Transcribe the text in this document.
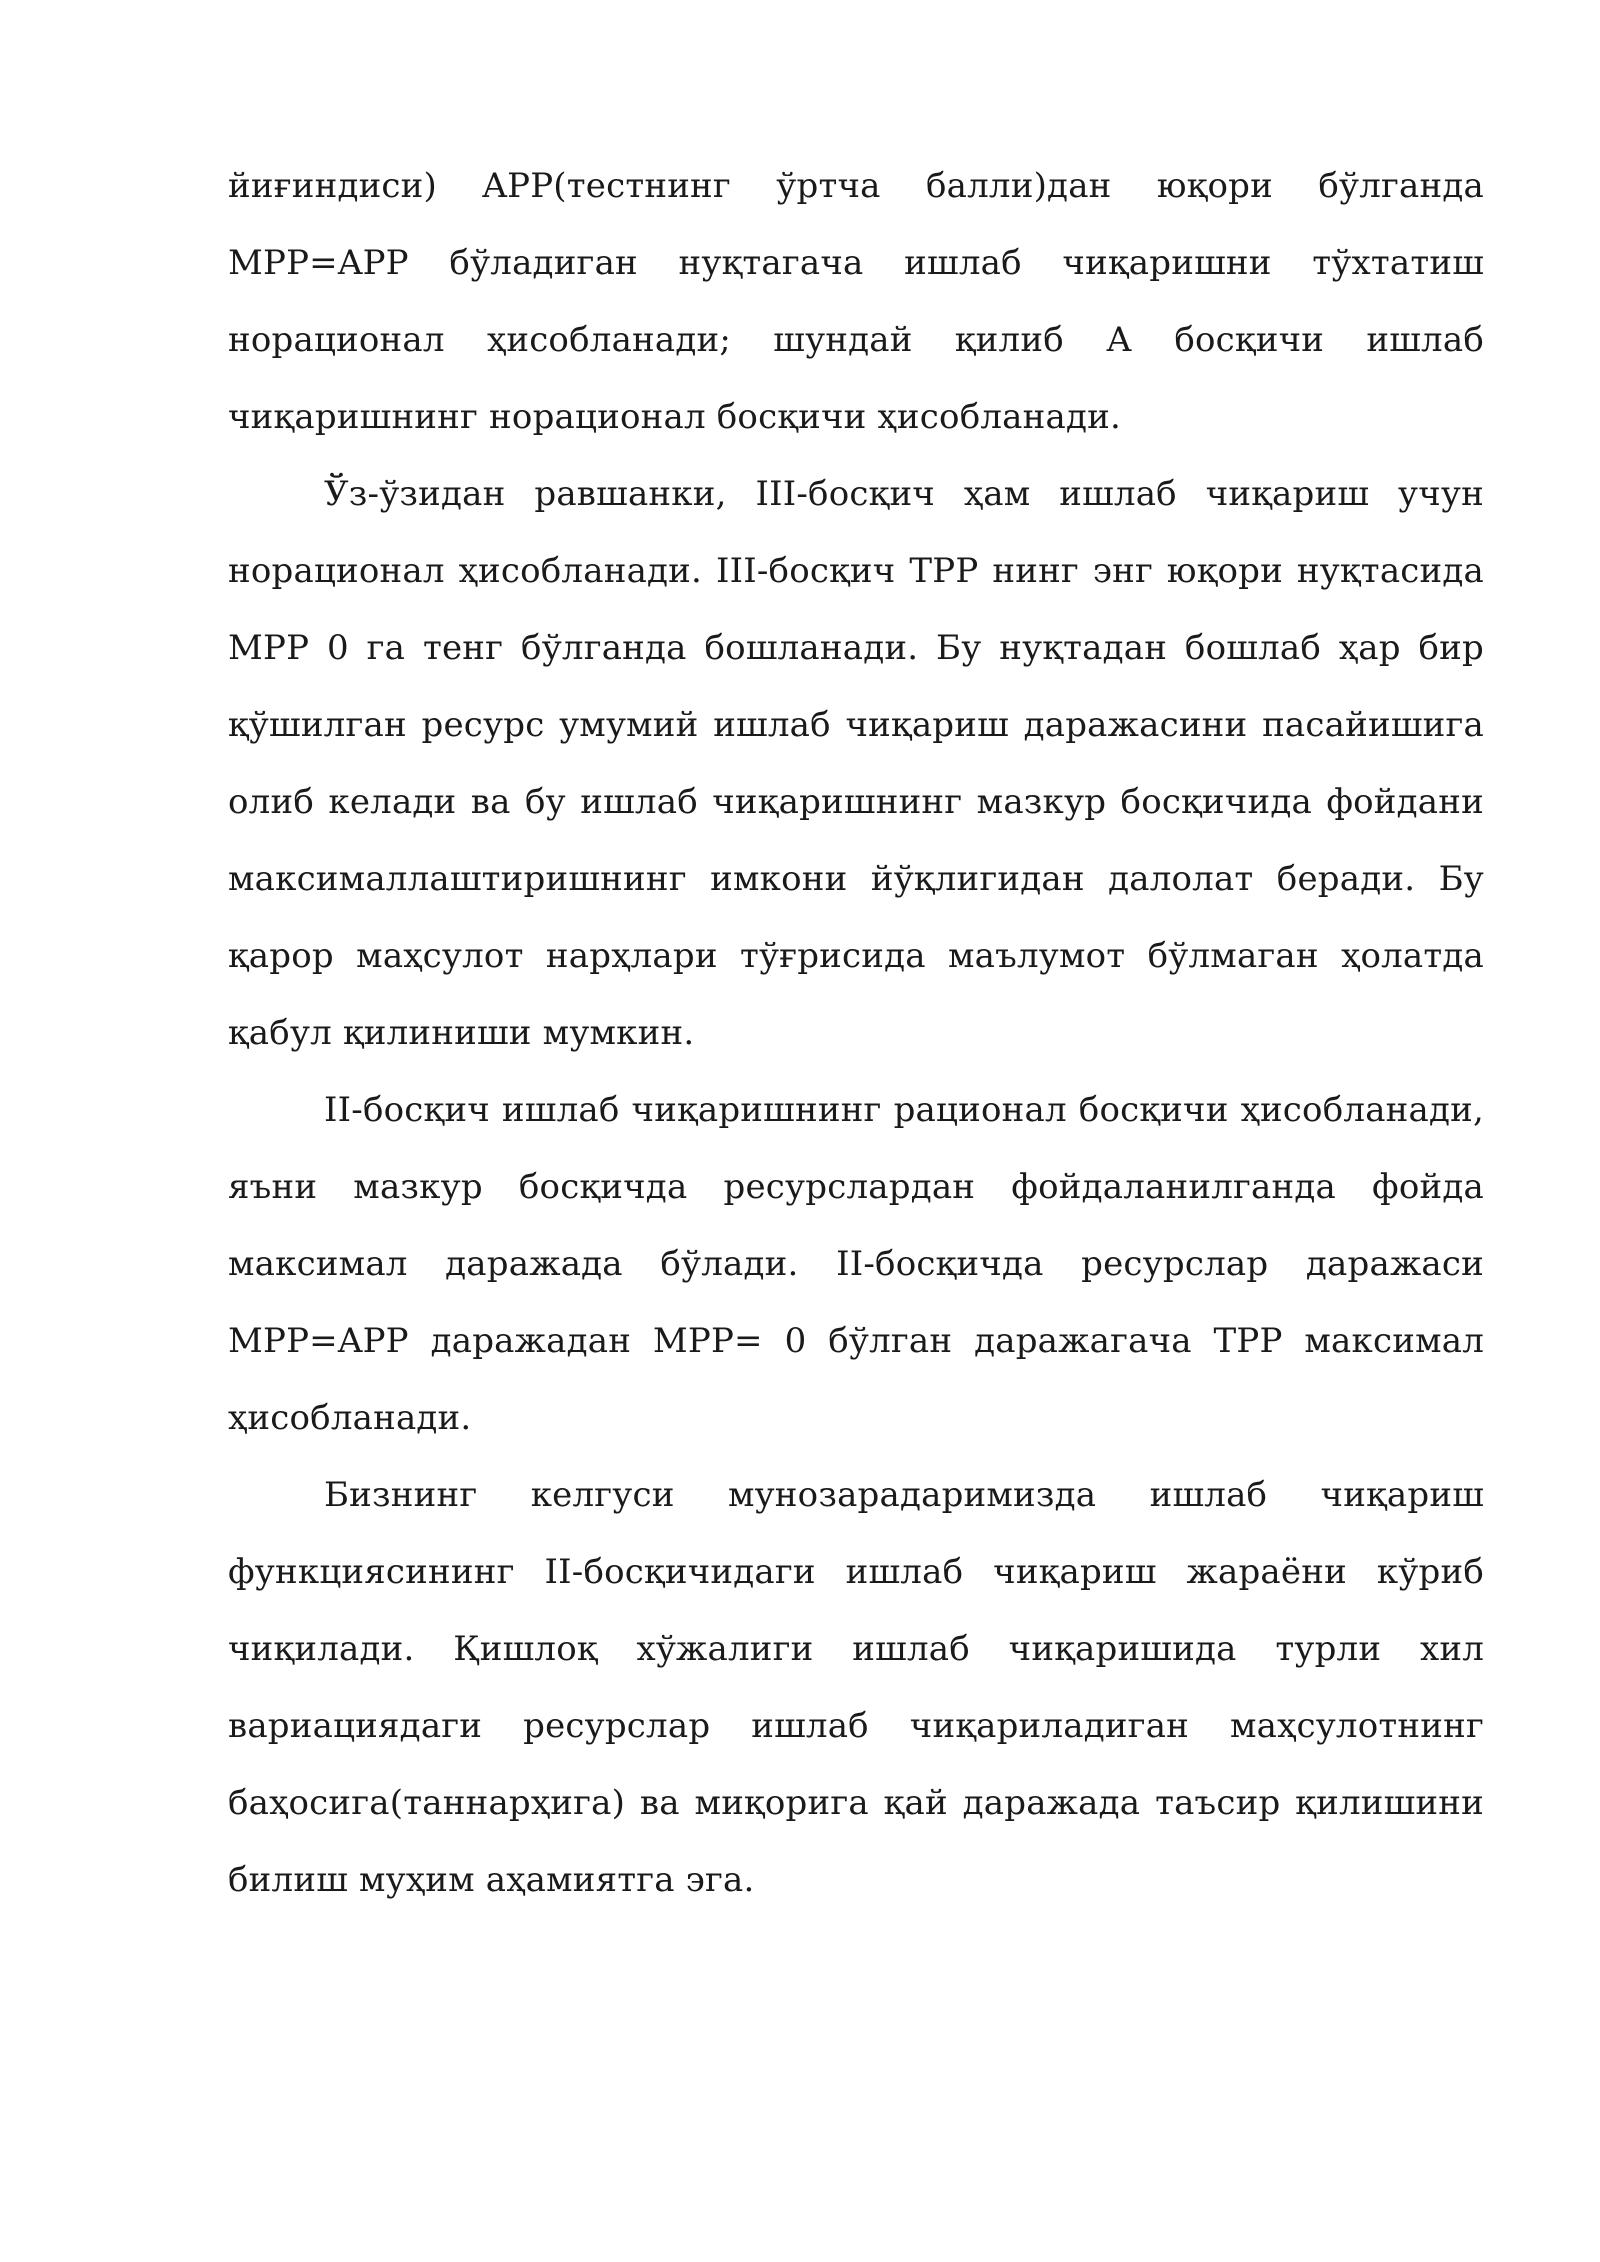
йиғиндиси) APP(тестнинг ўртча балли)дан юқори бўлганда MPP=APP бўладиган нуқтагача ишлаб чиқаришни тўхтатиш норационал ҳисобланади; шундай қилиб А босқичи ишлаб чиқаришнинг норационал босқичи ҳисобланади.

Ўз-ўзидан равшанки, III-босқич ҳам ишлаб чиқариш учун норационал ҳисобланади. III-босқич TPP нинг энг юқори нуқтасида MPP 0 га тенг бўлганда бошланади. Бу нуқтадан бошлаб ҳар бир қўшилган ресурс умумий ишлаб чиқариш даражасини пасайишига олиб келади ва бу ишлаб чиқаришнинг мазкур босқичида фойдани максималлаштиришнинг имкони йўқлигидан далолат беради. Бу қарор маҳсулот нарҳлари тўғрисида маълумот бўлмаган ҳолатда қабул қилиниши мумкин.

II-босқич ишлаб чиқаришнинг рационал босқичи ҳисобланади, яъни мазкур босқичда ресурслардан фойдаланилганда фойда максимал даражада бўлади. II-босқичда ресурслар даражаси MPP=APP даражадан MPP= 0 бўлган даражагача TPP максимал ҳисобланади.

Бизнинг келгуси мунозарадаримизда ишлаб чиқариш функциясининг II-босқичидаги ишлаб чиқариш жараёни кўриб чиқилади. Қишлоқ хўжалиги ишлаб чиқаришида турли хил вариациядаги ресурслар ишлаб чиқариладиган маҳсулотнинг баҳосига(таннарҳига) ва миқорига қай даражада таъсир қилишини билиш муҳим аҳамиятга эга.
